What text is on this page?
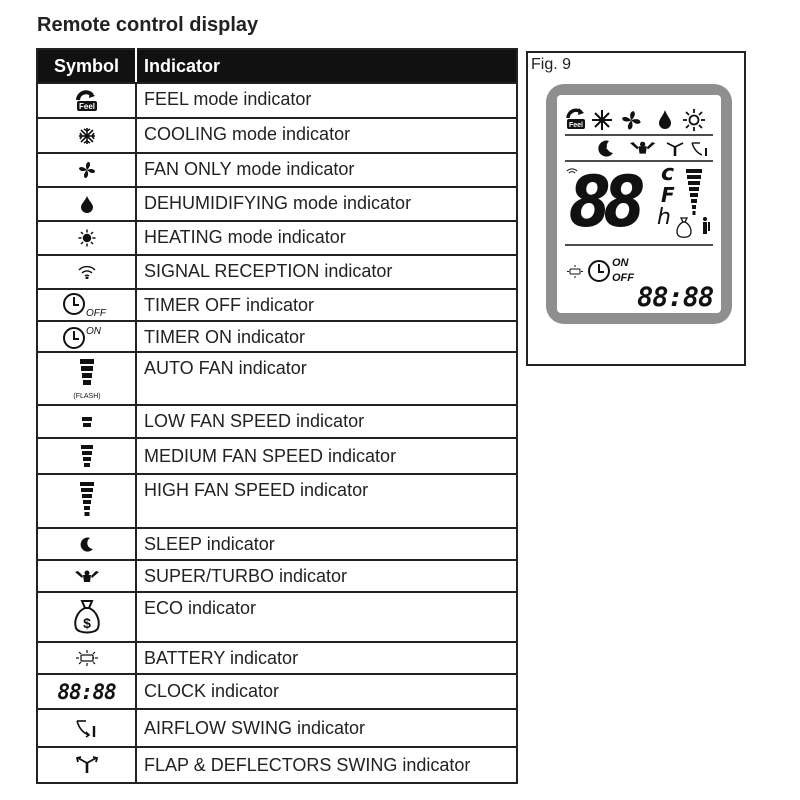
Remote control display
Symbol	Indicator

Feel	FEEL mode indicator

	COOLING mode indicator

	FAN ONLY mode indicator

	DEHUMIDIFYING mode indicator

	HEATING mode indicator

	SIGNAL RECEPTION indicator

OFF	TIMER OFF indicator

ON	TIMER ON indicator

(FLASH)	AUTO FAN indicator

	LOW FAN SPEED indicator

	MEDIUM FAN SPEED indicator

	HIGH FAN SPEED indicator

	SLEEP indicator

	SUPER/TURBO indicator

$	ECO indicator

	BATTERY indicator
88:88	CLOCK indicator

	AIRFLOW SWING indicator

	FLAP & DEFLECTORS SWING indicator
Fig. 9
Feel
ON
OFF
88 c
F
h
88:88
